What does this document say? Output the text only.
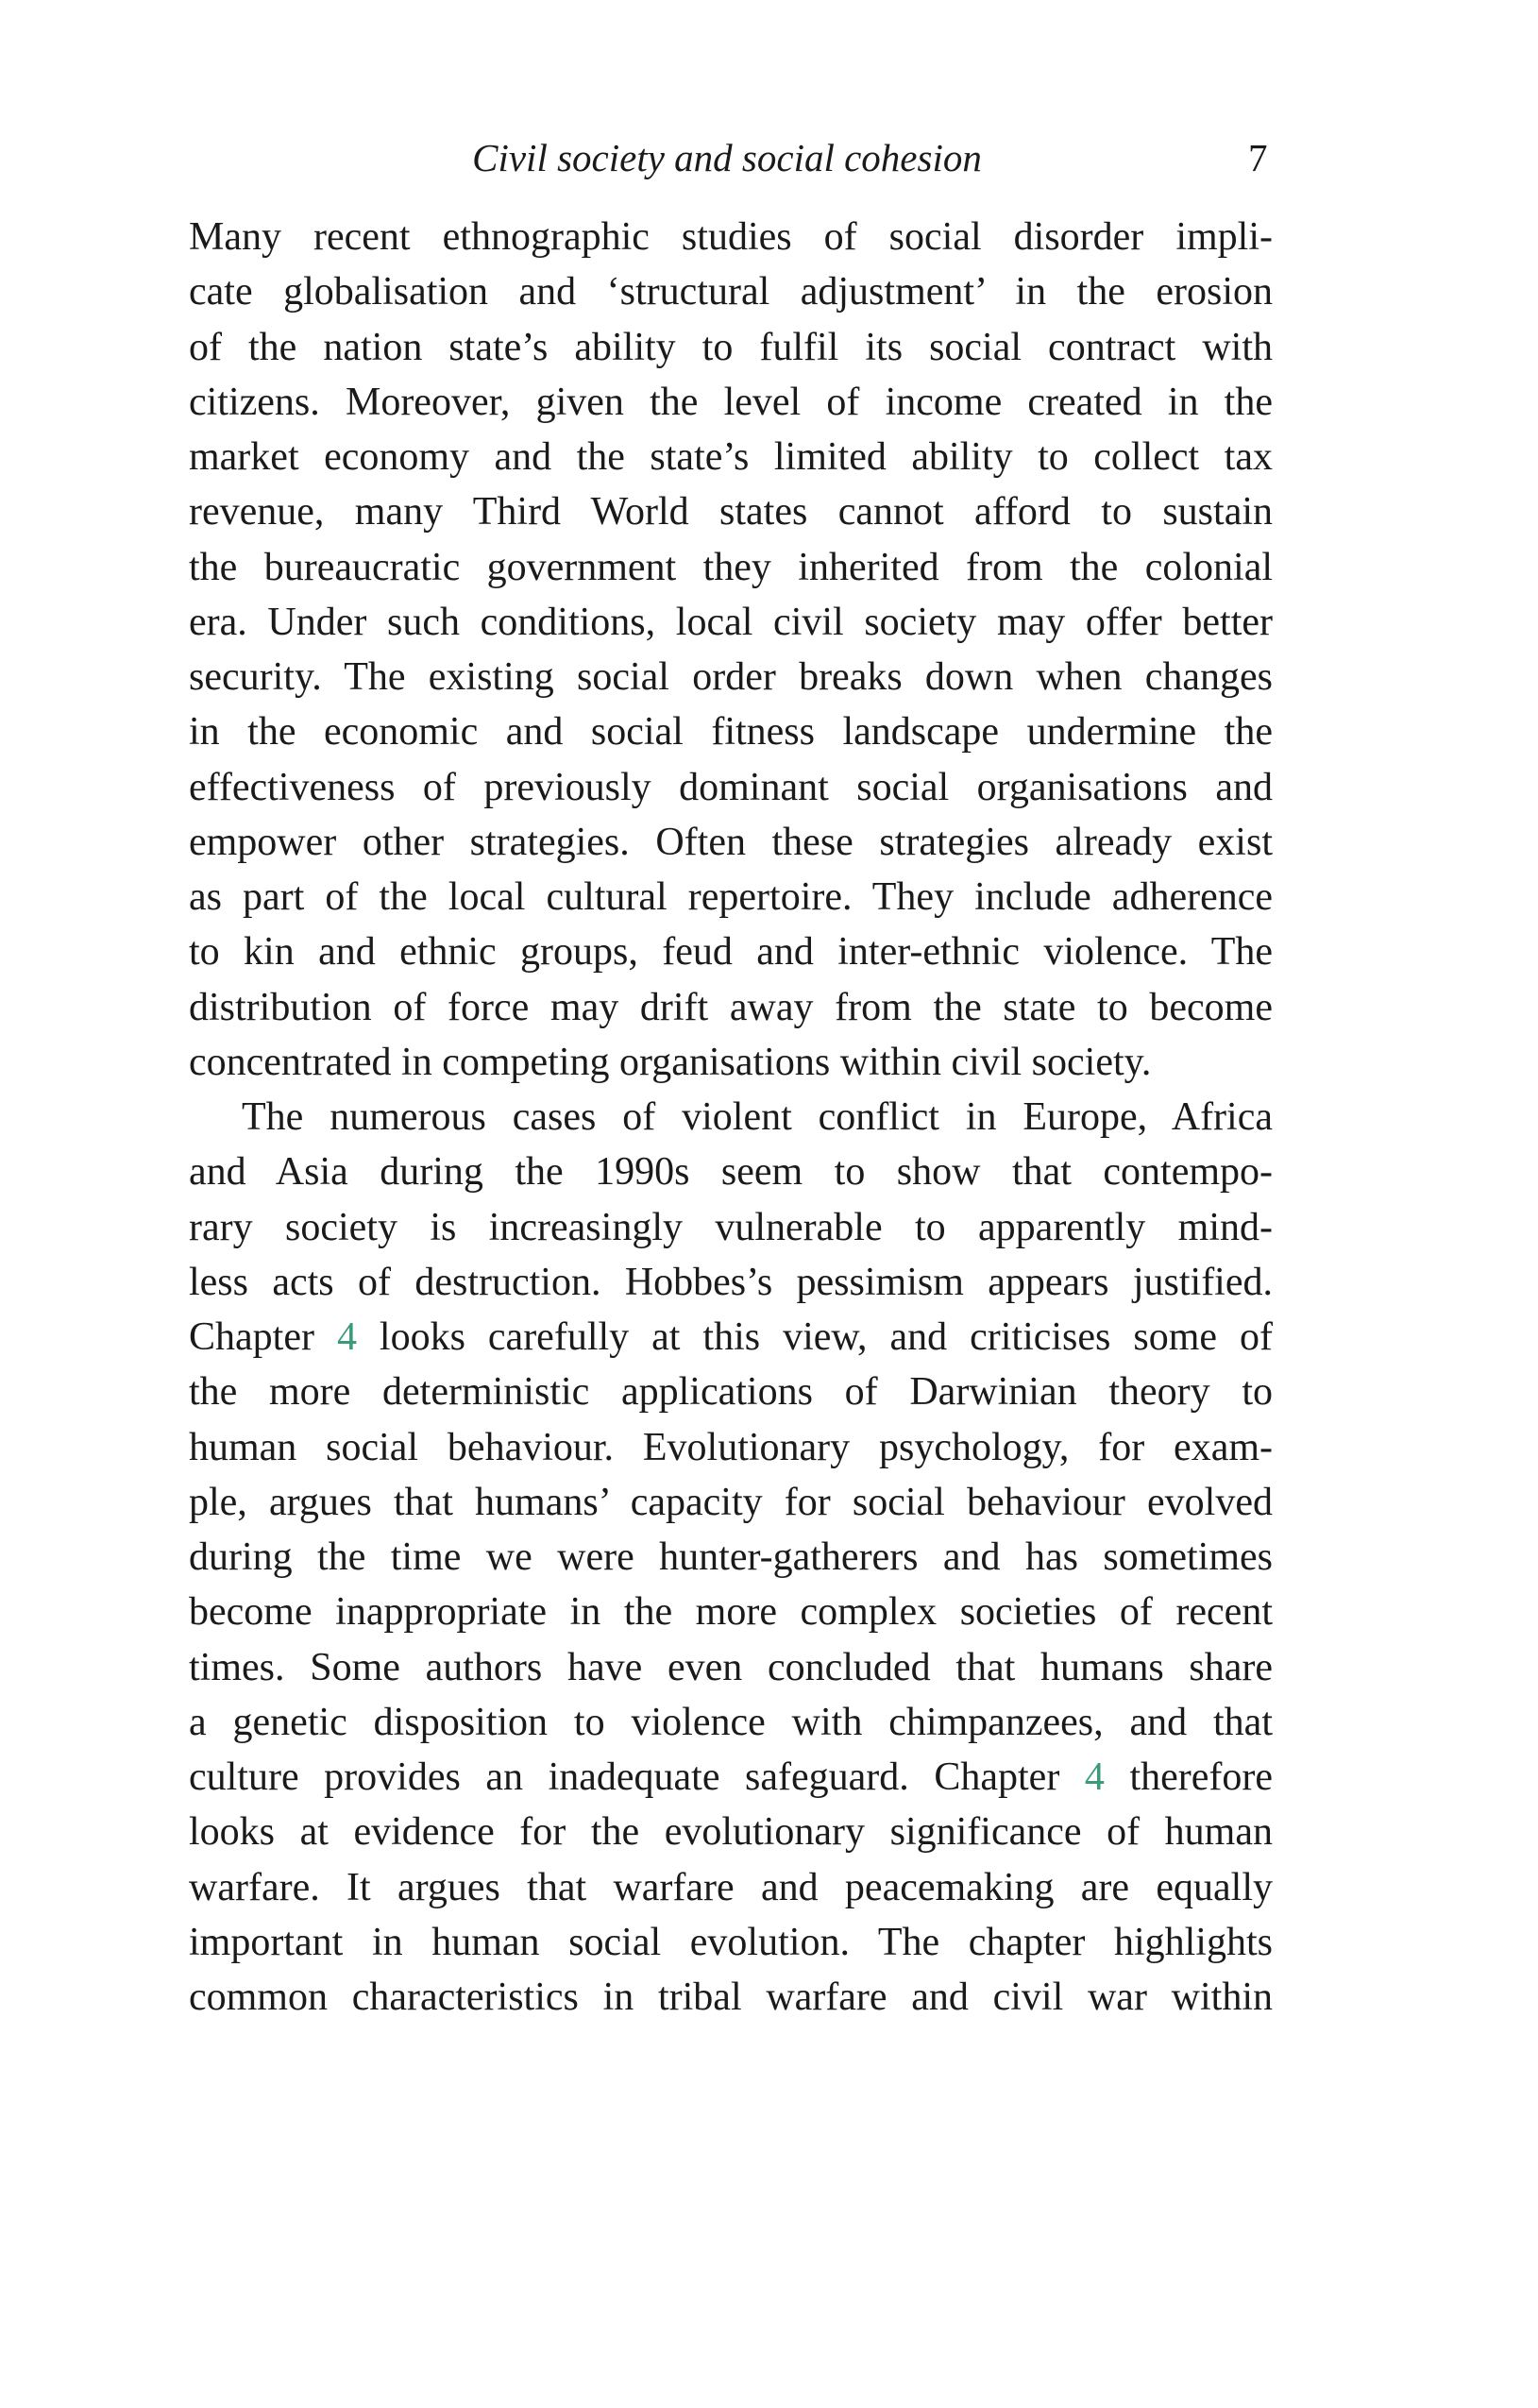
Civil society and social cohesion	7
Many recent ethnographic studies of social disorder impli-
cate globalisation and ‘structural adjustment’ in the erosion
of the nation state’s ability to fulfil its social contract with
citizens. Moreover, given the level of income created in the
market economy and the state’s limited ability to collect tax
revenue, many Third World states cannot afford to sustain
the bureaucratic government they inherited from the colonial
era. Under such conditions, local civil society may offer better
security. The existing social order breaks down when changes
in the economic and social fitness landscape undermine the
effectiveness of previously dominant social organisations and
empower other strategies. Often these strategies already exist
as part of the local cultural repertoire. They include adherence
to kin and ethnic groups, feud and inter-ethnic violence. The
distribution of force may drift away from the state to become
concentrated in competing organisations within civil society.
The numerous cases of violent conflict in Europe, Africa
and Asia during the 1990s seem to show that contempo-
rary society is increasingly vulnerable to apparently mind-
less acts of destruction. Hobbes’s pessimism appears justified.
Chapter 4 looks carefully at this view, and criticises some of
the more deterministic applications of Darwinian theory to
human social behaviour. Evolutionary psychology, for exam-
ple, argues that humans’ capacity for social behaviour evolved
during the time we were hunter-gatherers and has sometimes
become inappropriate in the more complex societies of recent
times. Some authors have even concluded that humans share
a genetic disposition to violence with chimpanzees, and that
culture provides an inadequate safeguard. Chapter 4 therefore
looks at evidence for the evolutionary significance of human
warfare. It argues that warfare and peacemaking are equally
important in human social evolution. The chapter highlights
common characteristics in tribal warfare and civil war within
